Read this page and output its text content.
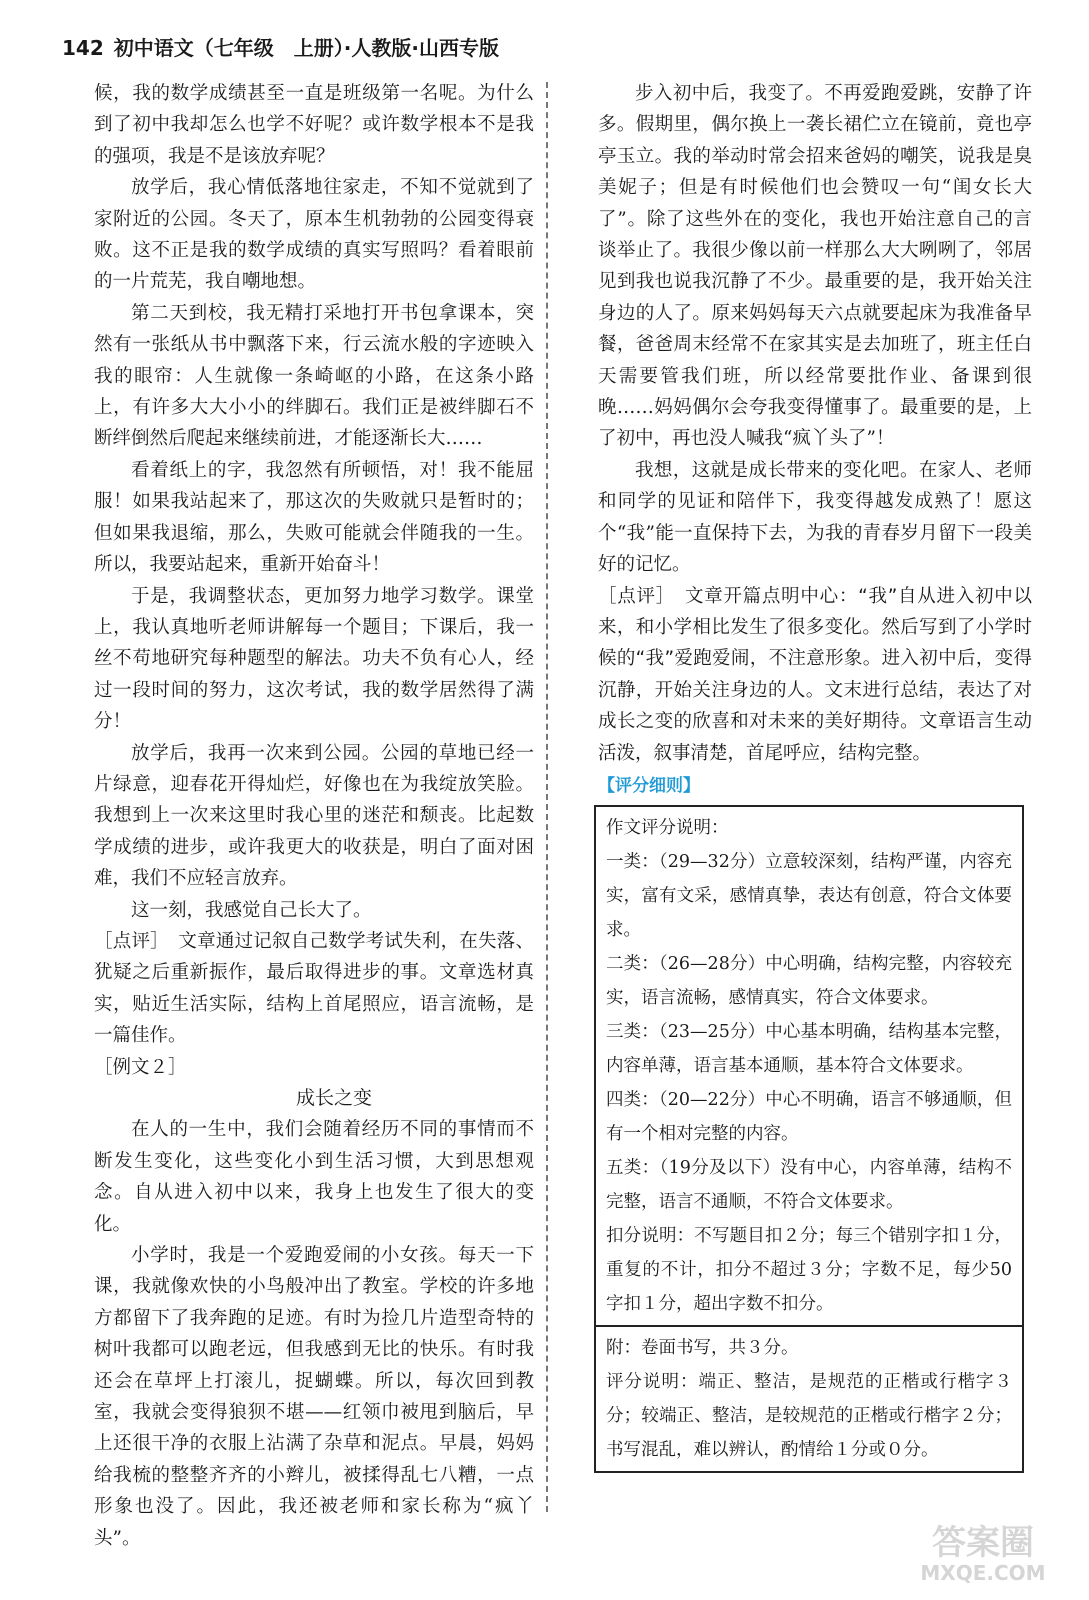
142 初中语文（七年级　上册）·人教版·山西专版

候，我的数学成绩甚至一直是班级第一名呢。为什么到了初中我却怎么也学不好呢？或许数学根本不是我的强项，我是不是该放弃呢？

放学后，我心情低落地往家走，不知不觉就到了家附近的公园。冬天了，原本生机勃勃的公园变得衰败。这不正是我的数学成绩的真实写照吗？看着眼前的一片荒芜，我自嘲地想。

第二天到校，我无精打采地打开书包拿课本，突然有一张纸从书中飘落下来，行云流水般的字迹映入我的眼帘：人生就像一条崎岖的小路，在这条小路上，有许多大大小小的绊脚石。我们正是被绊脚石不断绊倒然后爬起来继续前进，才能逐渐长大……

看着纸上的字，我忽然有所顿悟，对！我不能屈服！如果我站起来了，那这次的失败就只是暂时的；但如果我退缩，那么，失败可能就会伴随我的一生。所以，我要站起来，重新开始奋斗！

于是，我调整状态，更加努力地学习数学。课堂上，我认真地听老师讲解每一个题目；下课后，我一丝不苟地研究每种题型的解法。功夫不负有心人，经过一段时间的努力，这次考试，我的数学居然得了满分！

放学后，我再一次来到公园。公园的草地已经一片绿意，迎春花开得灿烂，好像也在为我绽放笑脸。我想到上一次来这里时我心里的迷茫和颓丧。比起数学成绩的进步，或许我更大的收获是，明白了面对困难，我们不应轻言放弃。

这一刻，我感觉自己长大了。

［点评］　文章通过记叙自己数学考试失利，在失落、犹疑之后重新振作，最后取得进步的事。文章选材真实，贴近生活实际，结构上首尾照应，语言流畅，是一篇佳作。

［例文２］

成长之变

在人的一生中，我们会随着经历不同的事情而不断发生变化，这些变化小到生活习惯，大到思想观念。自从进入初中以来，我身上也发生了很大的变化。

小学时，我是一个爱跑爱闹的小女孩。每天一下课，我就像欢快的小鸟般冲出了教室。学校的许多地方都留下了我奔跑的足迹。有时为捡几片造型奇特的树叶我都可以跑老远，但我感到无比的快乐。有时我还会在草坪上打滚儿，捉蝴蝶。所以，每次回到教室，我就会变得狼狈不堪——红领巾被甩到脑后，早上还很干净的衣服上沾满了杂草和泥点。早晨，妈妈给我梳的整整齐齐的小辫儿，被揉得乱七八糟，一点形象也没了。因此，我还被老师和家长称为“疯丫头”。

步入初中后，我变了。不再爱跑爱跳，安静了许多。假期里，偶尔换上一袭长裙伫立在镜前，竟也亭亭玉立。我的举动时常会招来爸妈的嘲笑，说我是臭美妮子；但是有时候他们也会赞叹一句“闺女长大了”。除了这些外在的变化，我也开始注意自己的言谈举止了。我很少像以前一样那么大大咧咧了，邻居见到我也说我沉静了不少。最重要的是，我开始关注身边的人了。原来妈妈每天六点就要起床为我准备早餐，爸爸周末经常不在家其实是去加班了，班主任白天需要管我们班，所以经常要批作业、备课到很晚……妈妈偶尔会夸我变得懂事了。最重要的是，上了初中，再也没人喊我“疯丫头了”！

我想，这就是成长带来的变化吧。在家人、老师和同学的见证和陪伴下，我变得越发成熟了！愿这个“我”能一直保持下去，为我的青春岁月留下一段美好的记忆。

［点评］　文章开篇点明中心：“我”自从进入初中以来，和小学相比发生了很多变化。然后写到了小学时候的“我”爱跑爱闹，不注意形象。进入初中后，变得沉静，开始关注身边的人。文末进行总结，表达了对成长之变的欣喜和对未来的美好期待。文章语言生动活泼，叙事清楚，首尾呼应，结构完整。

【评分细则】

作文评分说明：

一类：（29—32分）立意较深刻，结构严谨，内容充实，富有文采，感情真挚，表达有创意，符合文体要求。

二类：（26—28分）中心明确，结构完整，内容较充实，语言流畅，感情真实，符合文体要求。

三类：（23—25分）中心基本明确，结构基本完整，内容单薄，语言基本通顺，基本符合文体要求。

四类：（20—22分）中心不明确，语言不够通顺，但有一个相对完整的内容。

五类：（19分及以下）没有中心，内容单薄，结构不完整，语言不通顺，不符合文体要求。

扣分说明：不写题目扣２分；每三个错别字扣１分，重复的不计，扣分不超过３分；字数不足，每少50字扣１分，超出字数不扣分。

附：卷面书写，共３分。

评分说明：端正、整洁，是规范的正楷或行楷字３分；较端正、整洁，是较规范的正楷或行楷字２分；书写混乱，难以辨认，酌情给１分或０分。

答案圈
MXQE.COM
